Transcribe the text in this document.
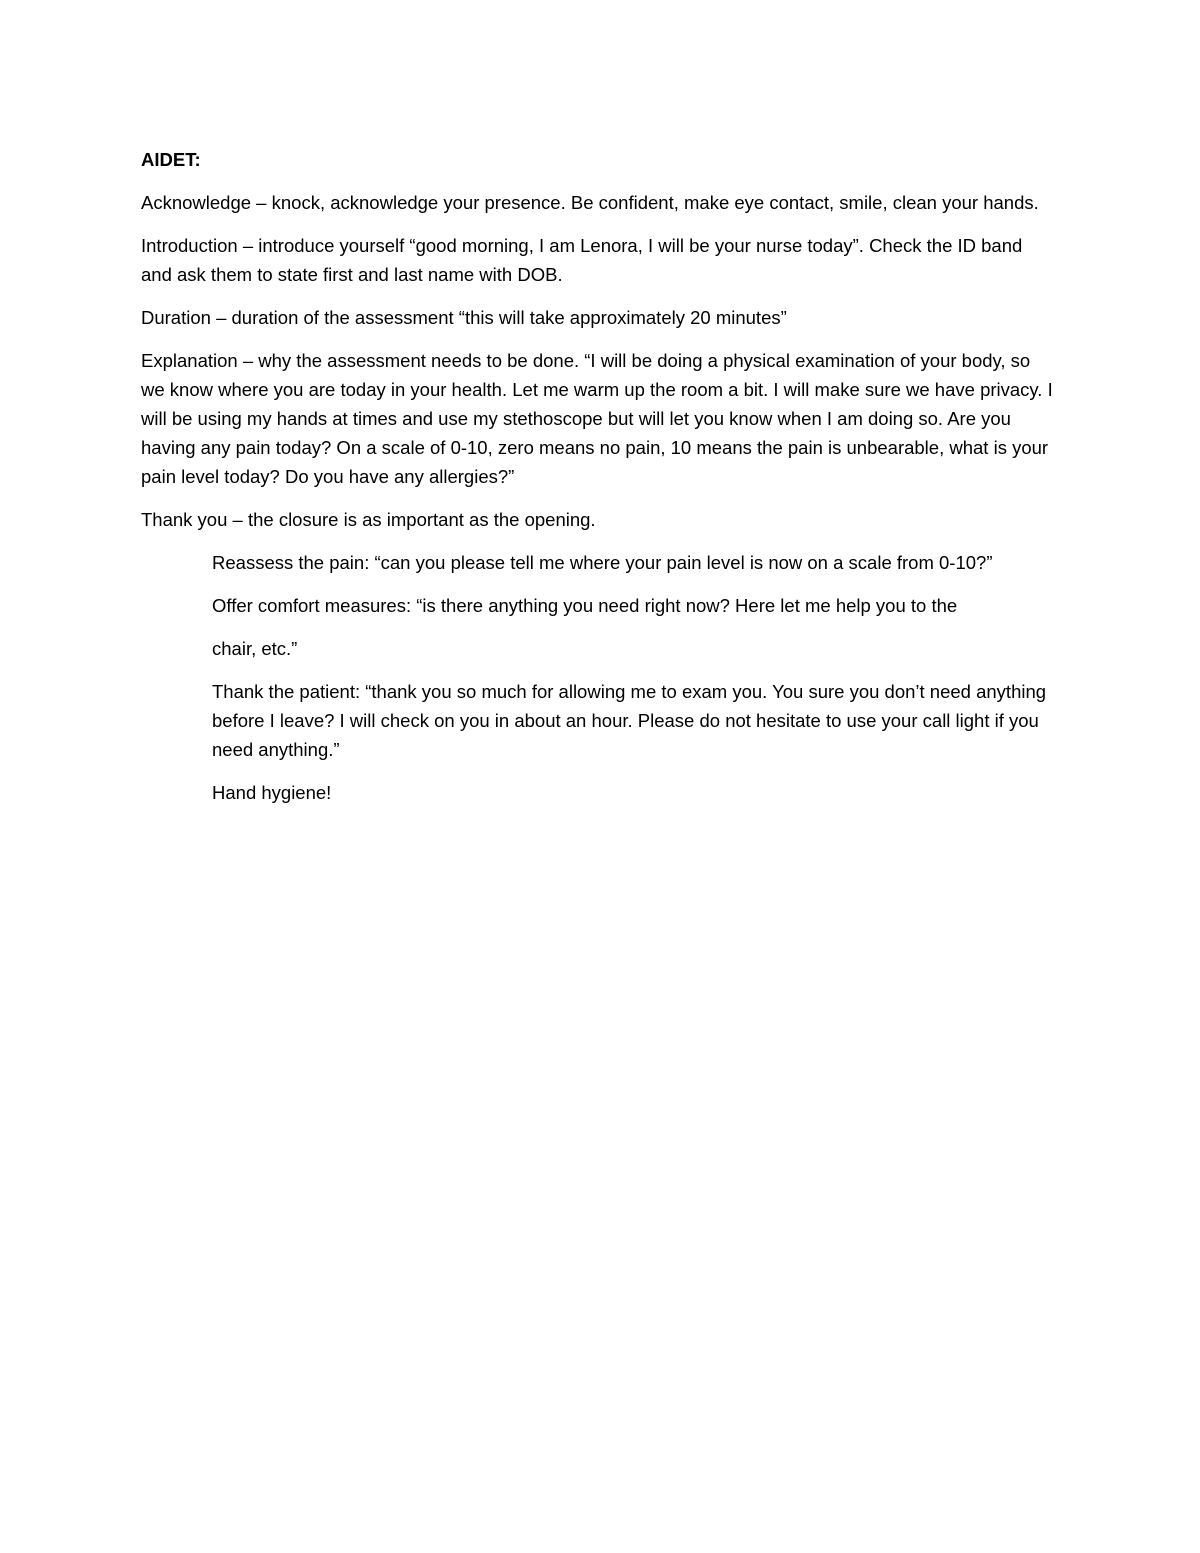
AIDET:

Acknowledge – knock, acknowledge your presence. Be confident, make eye contact, smile, clean your hands.

Introduction – introduce yourself “good morning, I am Lenora, I will be your nurse today”. Check the ID band and ask them to state first and last name with DOB.

Duration – duration of the assessment “this will take approximately 20 minutes”

Explanation – why the assessment needs to be done. “I will be doing a physical examination of your body, so we know where you are today in your health. Let me warm up the room a bit. I will make sure we have privacy. I will be using my hands at times and use my stethoscope but will let you know when I am doing so. Are you having any pain today? On a scale of 0-10, zero means no pain, 10 means the pain is unbearable, what is your pain level today? Do you have any allergies?”

Thank you – the closure is as important as the opening.

Reassess the pain: “can you please tell me where your pain level is now on a scale from 0-10?”

Offer comfort measures: “is there anything you need right now? Here let me help you to the

chair, etc.”

Thank the patient: “thank you so much for allowing me to exam you. You sure you don’t need anything before I leave? I will check on you in about an hour. Please do not hesitate to use your call light if you need anything.”

Hand hygiene!
